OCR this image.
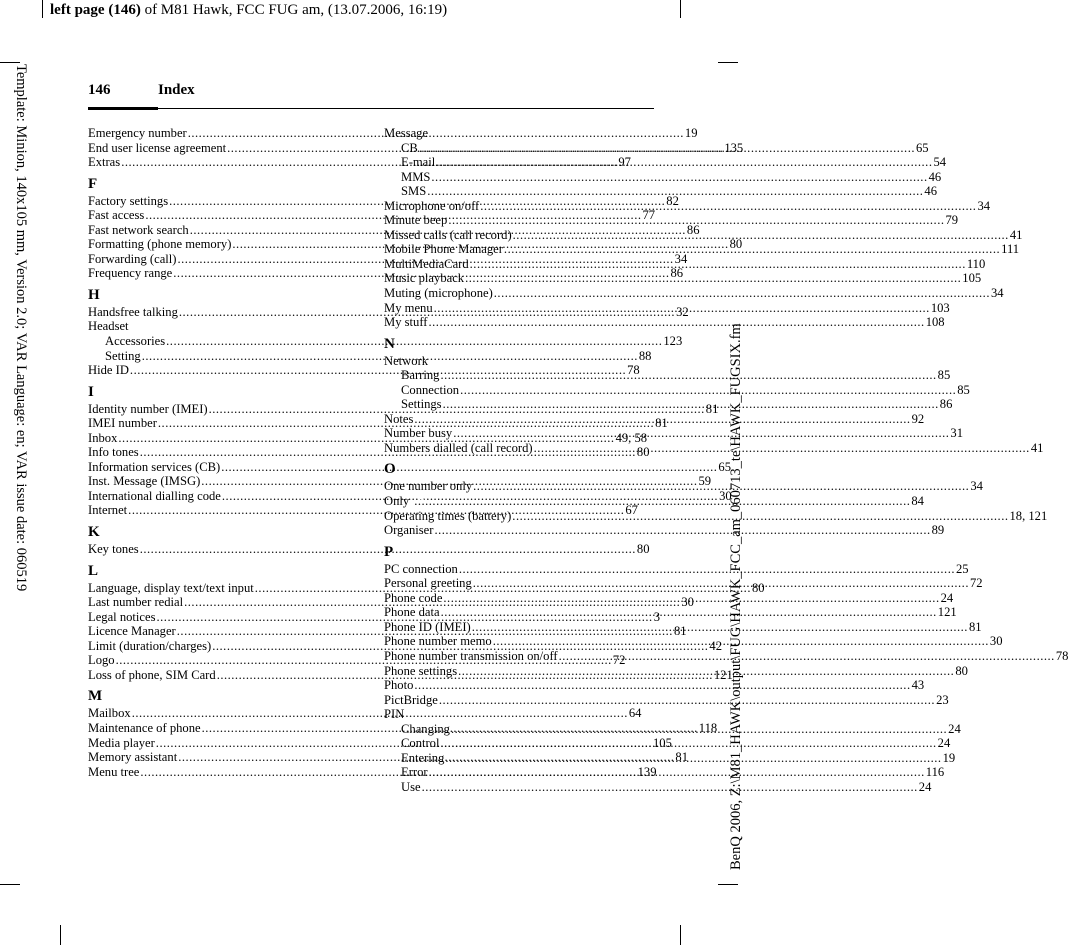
left page (146) of M81 Hawk, FCC FUG am, (13.07.2006, 16:19)
Template: Minion, 140x105 mm, Version 2.0; VAR Language: en; VAR issue date: 060519	BenQ 2006, Z:\M81_HAWK\output\FUG\HAWK_FCC_am_060713_te\HAWK_FUGSIX.fm
146	Index
Emergency number .....	19
End user license agreement .....	135
Extras .....	97
F
Factory settings .....	82
Fast access .....	77
Fast network search .....	86
Formatting (phone memory) .....	80
Forwarding (call) .....	34
Frequency range .....	86
H
Handsfree talking .....	32
Headset
Accessories .....	123
Setting .....	88
Hide ID .....	78
I
Identity number (IMEI) .....	81
IMEI number .....	81
Inbox .....	49, 58
Info tones .....	80
Information services (CB) .....	65
Inst. Message (IMSG) .....	59
International dialling code .....	30
Internet .....	67
K
Key tones .....	80
L
Language, display text/text input .....	80
Last number redial .....	30
Legal notices .....	3
Licence Manager .....	81
Limit (duration/charges) .....	42
Logo .....	72
Loss of phone, SIM Card .....	121
M
Mailbox .....	64
Maintenance of phone .....	118
Media player .....	105
Memory assistant .....	81
Menu tree .....	139
Message
CB .....	65
E-mail .....	54
MMS .....	46
SMS .....	46
Microphone on/off .....	34
Minute beep .....	79
Missed calls (call record) .....	41
Mobile Phone Manager .....	111
MultiMediaCard .....	110
Music playback .....	105
Muting (microphone) .....	34
My menu .....	103
My stuff .....	108
N
Network
Barring .....	85
Connection .....	85
Settings .....	86
Notes .....	92
Number busy .....	31
Numbers dialled (call record) .....	41
O
One number only .....	34
Only .....	84
Operating times (battery) .....	18, 121
Organiser .....	89
P
PC connection .....	25
Personal greeting .....	72
Phone code .....	24
Phone data .....	121
Phone ID (IMEI) .....	81
Phone number memo .....	30
Phone number transmission on/off .....	78
Phone settings .....	80
Photo .....	43
PictBridge .....	23
PIN
Changing .....	24
Control .....	24
Entering .....	19
Error .....	116
Use .....	24
